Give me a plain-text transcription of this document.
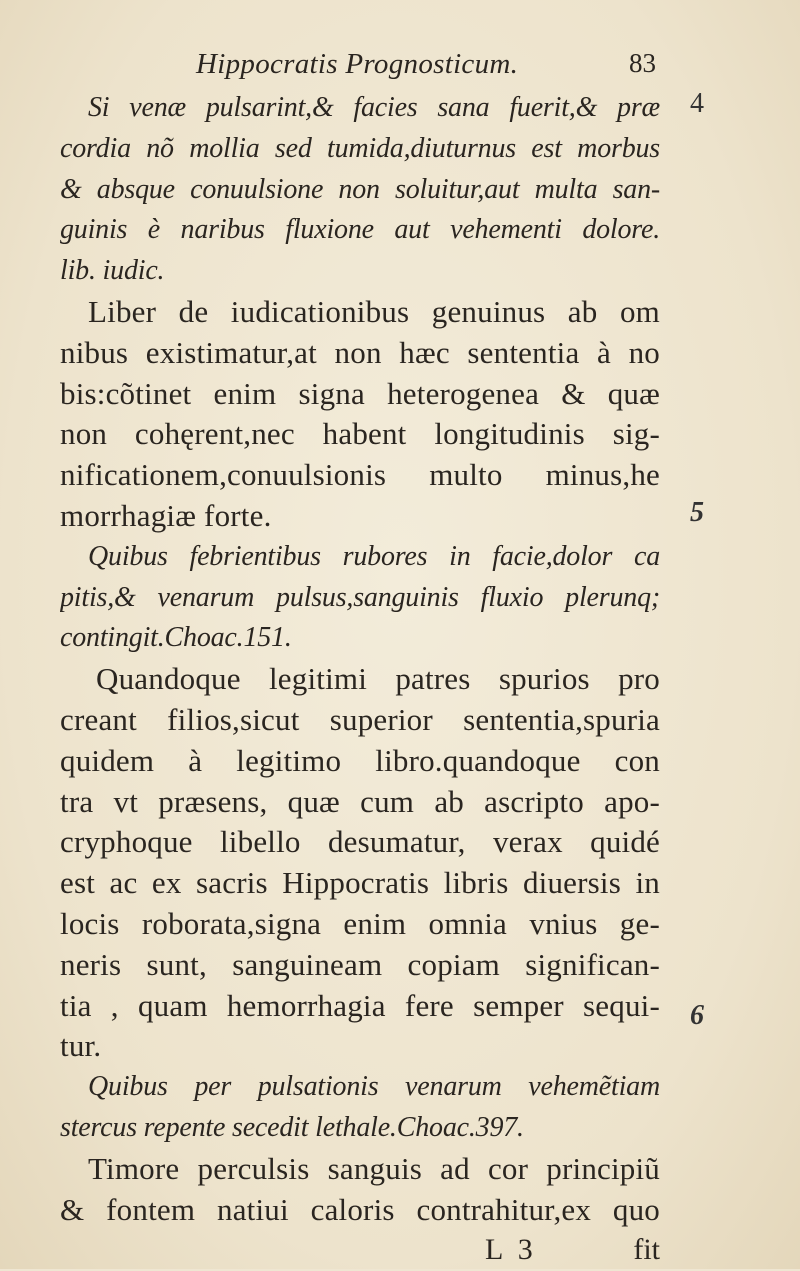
Hippocratis Prognosticum.	83
4
5
6
Si venæ pulsarint,& facies sana fuerit,& præ
cordia nõ mollia sed tumida,diuturnus est morbus
& absque conuulsione non soluitur,aut multa san-
guinis è naribus fluxione aut vehementi dolore.
lib. iudic.
Liber de iudicationibus genuinus ab om
nibus existimatur,at non hæc sententia à no
bis:cõtinet enim signa heterogenea & quæ
non cohęrent,nec habent longitudinis sig-
nificationem,conuulsionis multo minus,he
morrhagiæ forte.
Quibus febrientibus rubores in facie,dolor ca
pitis,& venarum pulsus,sanguinis fluxio plerunq;
contingit.Choac.151.
Quandoque legitimi patres spurios pro
creant filios,sicut superior sententia,spuria
quidem à legitimo libro.quandoque con
tra vt præsens, quæ cum ab ascripto apo-
cryphoque libello desumatur, verax quidé
est ac ex sacris Hippocratis libris diuersis in
locis roborata,signa enim omnia vnius ge-
neris sunt, sanguineam copiam significan-
tia , quam hemorrhagia fere semper sequi-
tur.
Quibus per pulsationis venarum vehemẽtiam
stercus repente secedit lethale.Choac.397.
Timore perculsis sanguis ad cor principiũ
& fontem natiui caloris contrahitur,ex quo
L 3	fit
